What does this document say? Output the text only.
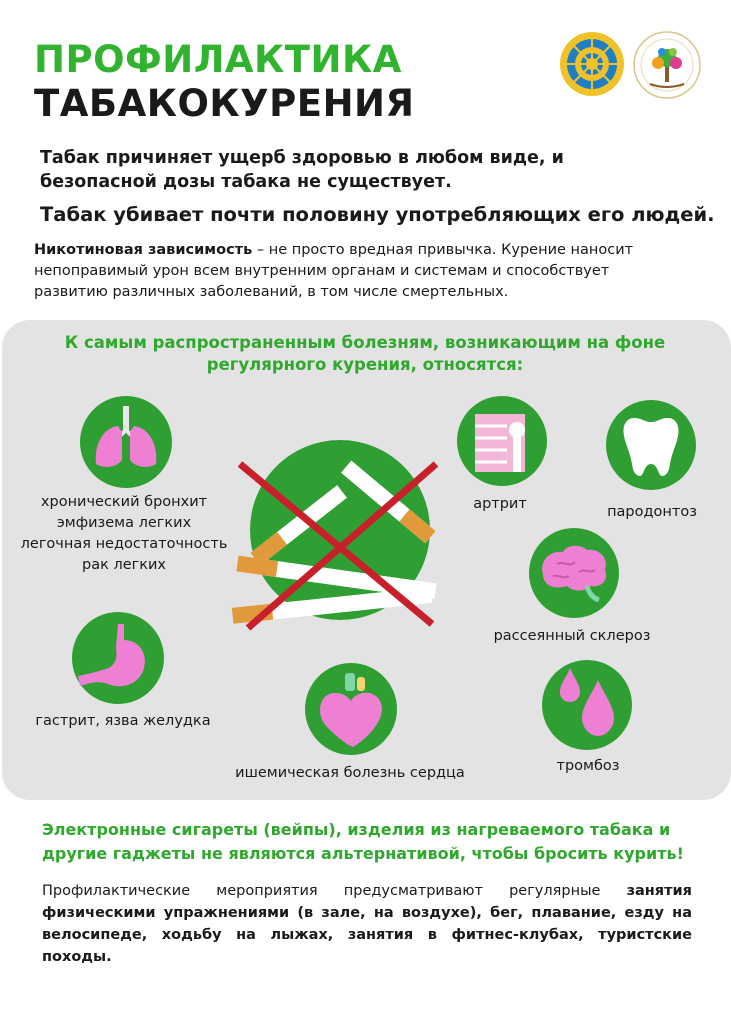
ПРОФИЛАКТИКА
ТАБАКОКУРЕНИЯ
Табак причиняет ущерб здоровью в любом виде, и безопасной дозы табака не существует.
Табак убивает почти половину употребляющих его людей.
Никотиновая зависимость – не просто вредная привычка. Курение наносит непоправимый урон всем внутренним органам и системам и способствует развитию различных заболеваний, в том числе смертельных.
К самым распространенным болезням, возникающим на фоне регулярного курения, относятся:
хронический бронхит
эмфизема легких
легочная недостаточность
рак легких
гастрит, язва желудка
ишемическая болезнь сердца
артрит	пародонтоз
рассеянный склероз
тромбоз
Электронные сигареты (вейпы), изделия из нагреваемого табака и другие гаджеты не являются альтернативой, чтобы бросить курить!
Профилактические мероприятия предусматривают регулярные занятия физическими упражнениями (в зале, на воздухе), бег, плавание, езду на велосипеде, ходьбу на лыжах, занятия в фитнес-клубах, туристские походы.
